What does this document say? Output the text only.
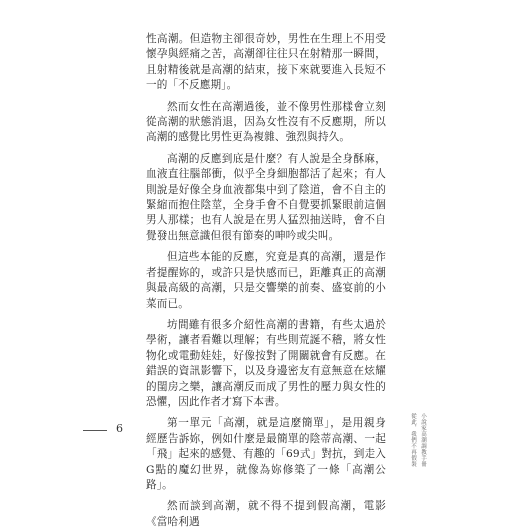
性高潮。但造物主卻很奇妙，男性在生理上不用受懷孕與經痛之苦，高潮卻往往只在射精那一瞬間，且射精後就是高潮的結束，接下來就要進入長短不一的「不反應期」。

然而女性在高潮過後，並不像男性那樣會立刻從高潮的狀態消退，因為女性沒有不反應期，所以高潮的感覺比男性更為複雜、強烈與持久。

高潮的反應到底是什麼？有人說是全身酥麻，血液直往腦部衝，似乎全身細胞都活了起來；有人則說是好像全身血液都集中到了陰道，會不自主的緊縮而抱住陰莖，全身手會不自覺要抓緊眼前這個男人那樣；也有人說是在男人猛烈抽送時，會不自覺發出無意識但很有節奏的呻吟或尖叫。

但這些本能的反應，究竟是真的高潮，還是作者提醒妳的，或許只是快感而已，距離真正的高潮與最高級的高潮，只是交響樂的前奏、盛宴前的小菜而已。

坊間雖有很多介紹性高潮的書籍，有些太過於學術，讓者看難以理解；有些則荒誕不稽，將女性物化或電動娃娃，好像按對了開關就會有反應。在錯誤的資訊影響下，以及身邊密友有意無意在炫耀的閨房之樂，讓高潮反而成了男性的壓力與女性的恐懼，因此作者才寫下本書。

第一單元「高潮，就是這麼簡單」，是用親身經歷告訴妳，例如什麼是最簡單的陰蒂高潮、一起「飛」起來的感覺、有趣的「69式」對抗，到走入G點的魔幻世界，就像為妳修築了一條「高潮公路」。

然而談到高潮，就不得不提到假高潮，電影《當哈利遇

6	小說家高潮調教手冊
從此，我們不再假裝
